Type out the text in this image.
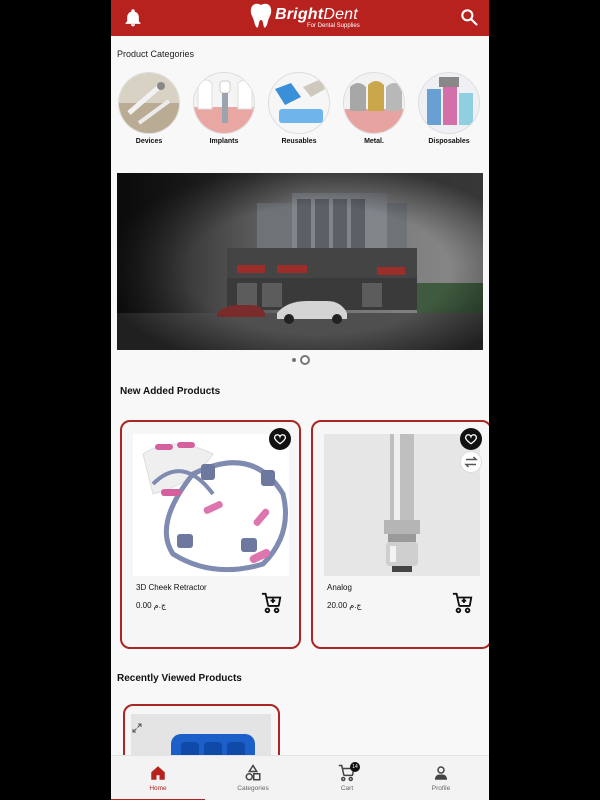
BrightDent
For Dental Supplies
Product Categories
Devices	Implants	Reusables	Metal.	Disposables
New Added Products
3D Cheek Retractor
0.00 ج.م
Analog
20.00 ج.م
Recently Viewed Products
Home	Categories
14
Cart	Profile
